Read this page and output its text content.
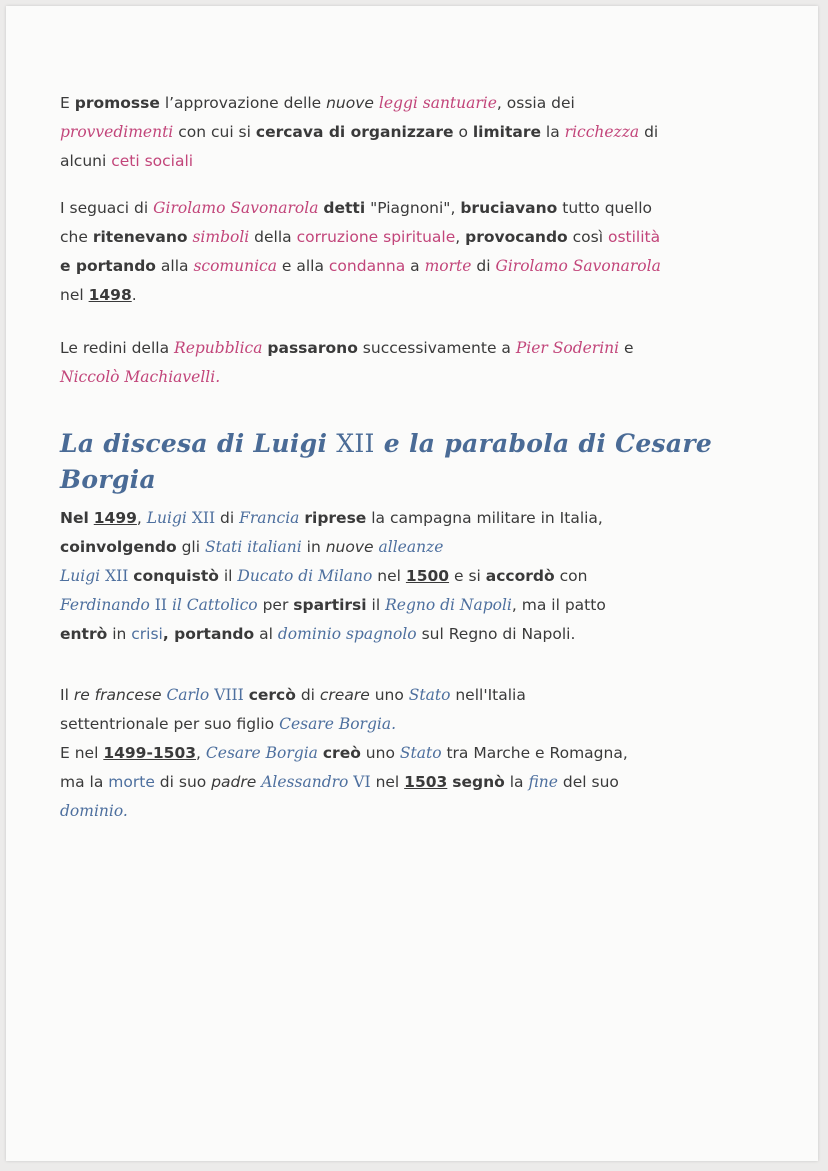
E promosse l’approvazione delle nuove leggi santuarie, ossia dei
provvedimenti con cui si cercava di organizzare o limitare la ricchezza di
alcuni ceti sociali
I seguaci di Girolamo Savonarola detti "Piagnoni", bruciavano tutto quello
che ritenevano simboli della corruzione spirituale, provocando così ostilità
e portando alla scomunica e alla condanna a morte di Girolamo Savonarola
nel 1498.
Le redini della Repubblica passarono successivamente a Pier Soderini e
Niccolò Machiavelli.
La discesa di Luigi XII e la parabola di Cesare Borgia
Nel 1499, Luigi XII di Francia riprese la campagna militare in Italia,
coinvolgendo gli Stati italiani in nuove alleanze
Luigi XII conquistò il Ducato di Milano nel 1500 e si accordò con
Ferdinando II il Cattolico per spartirsi il Regno di Napoli, ma il patto
entrò in crisi, portando al dominio spagnolo sul Regno di Napoli.
Il re francese Carlo VIII cercò di creare uno Stato nell'Italia
settentrionale per suo figlio Cesare Borgia.
E nel 1499-1503, Cesare Borgia creò uno Stato tra Marche e Romagna,
ma la morte di suo padre Alessandro VI nel 1503 segnò la fine del suo
dominio.
